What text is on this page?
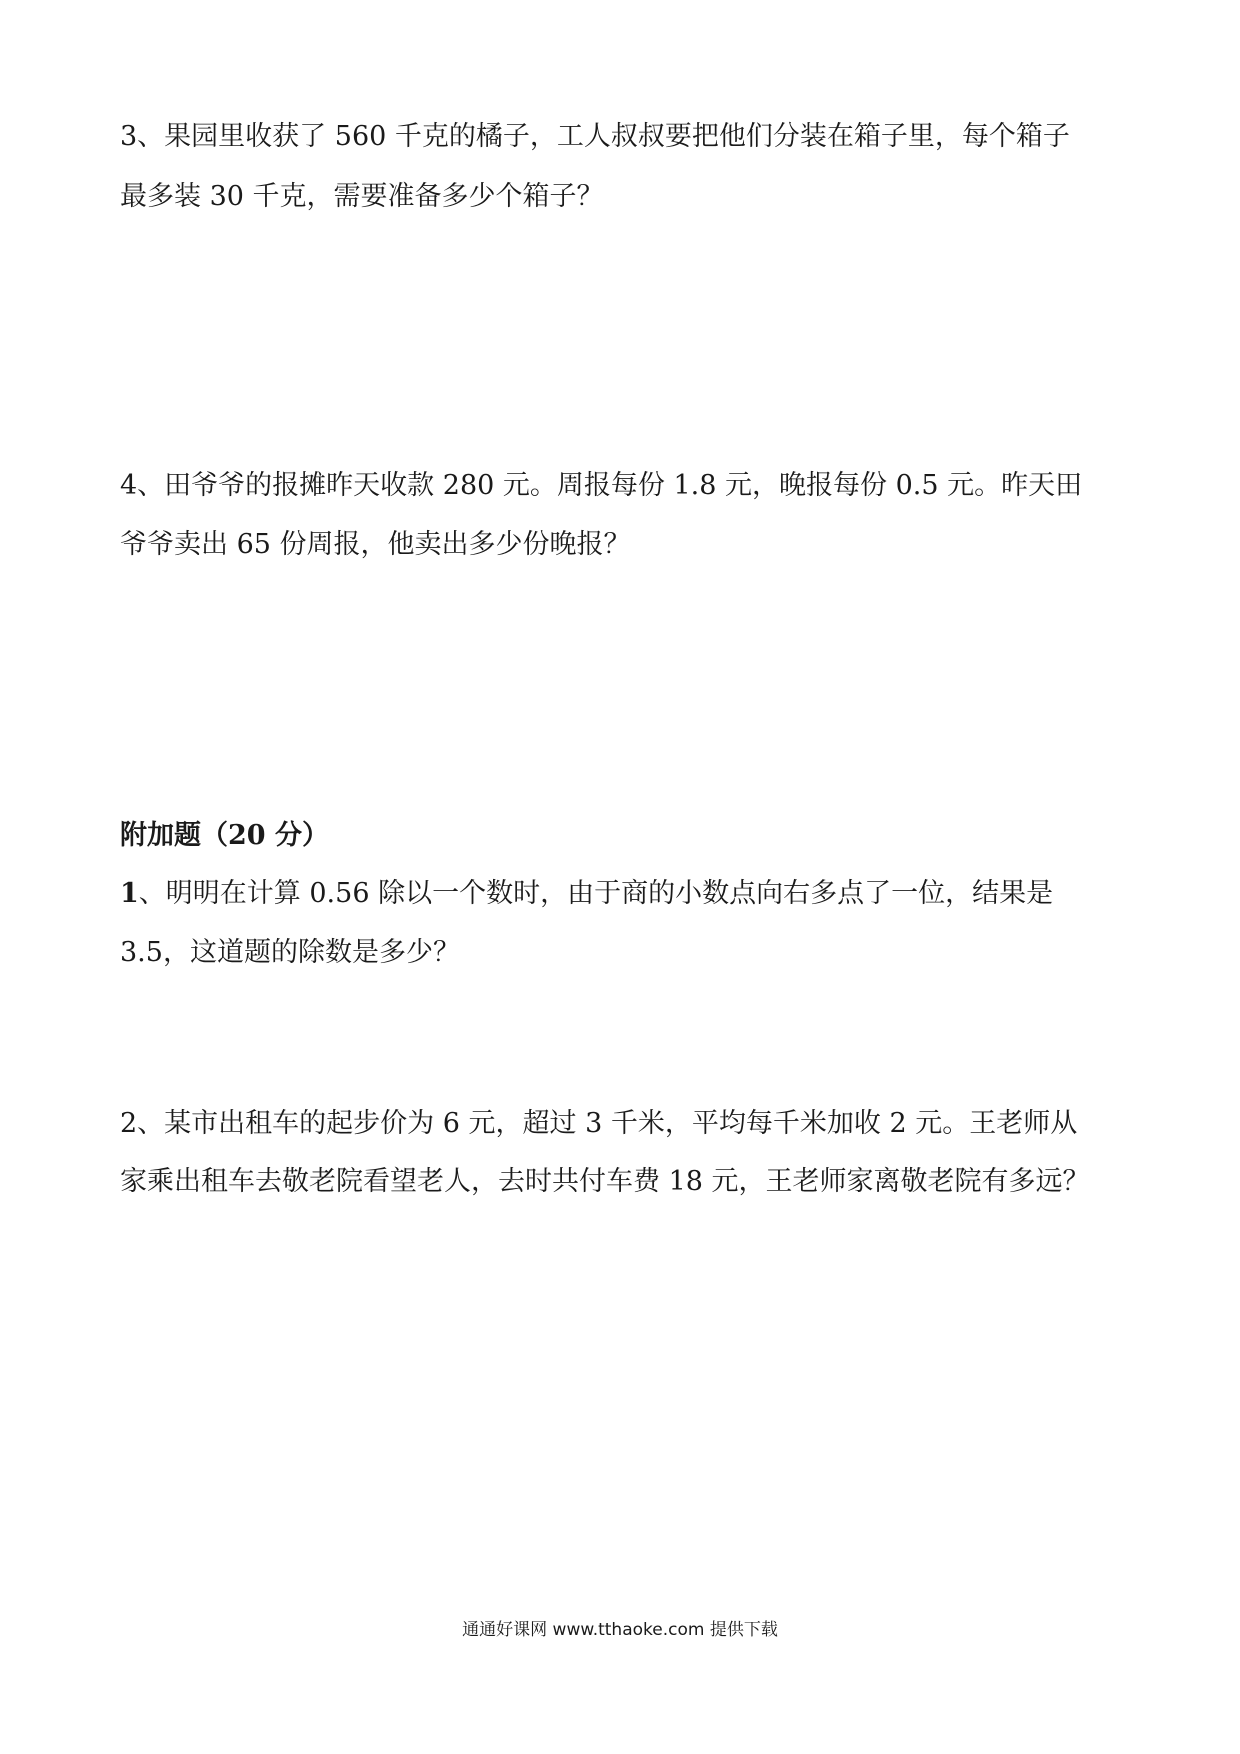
3、果园里收获了 560 千克的橘子，工人叔叔要把他们分装在箱子里，每个箱子
最多装 30 千克，需要准备多少个箱子？
4、田爷爷的报摊昨天收款 280 元。周报每份 1.8 元，晚报每份 0.5 元。昨天田
爷爷卖出 65 份周报，他卖出多少份晚报？
附加题（20 分）
1、明明在计算 0.56 除以一个数时，由于商的小数点向右多点了一位，结果是
3.5，这道题的除数是多少？
2、某市出租车的起步价为 6 元，超过 3 千米，平均每千米加收 2 元。王老师从
家乘出租车去敬老院看望老人，去时共付车费 18 元，王老师家离敬老院有多远？
通通好课网 www.tthaoke.com 提供下载
